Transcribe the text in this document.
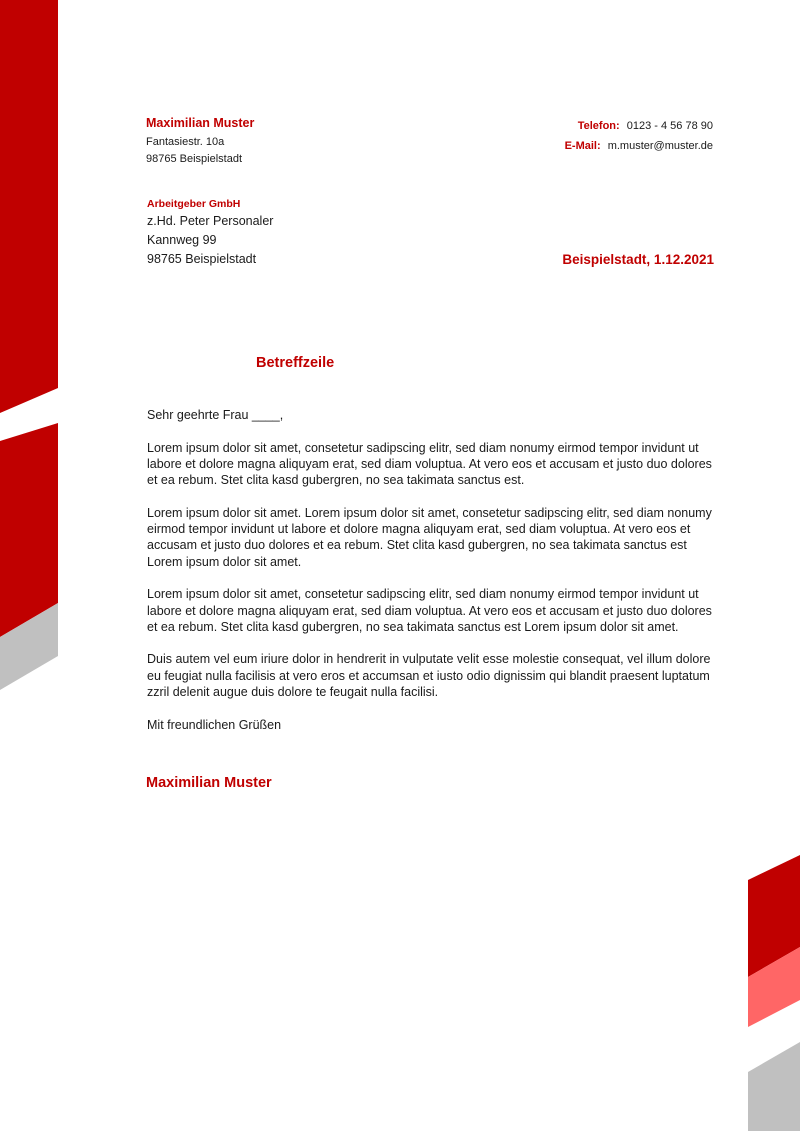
Maximilian Muster
Fantasiestr. 10a
98765 Beispielstadt
Telefon: 0123 - 4 56 78 90
E-Mail: m.muster@muster.de
Arbeitgeber GmbH
z.Hd. Peter Personaler
Kannweg 99
98765 Beispielstadt	Beispielstadt, 1.12.2021
Betreffzeile

Sehr geehrte Frau ____,

Lorem ipsum dolor sit amet, consetetur sadipscing elitr, sed diam nonumy eirmod tempor invidunt ut labore et dolore magna aliquyam erat, sed diam voluptua. At vero eos et accusam et justo duo dolores et ea rebum. Stet clita kasd gubergren, no sea takimata sanctus est.

Lorem ipsum dolor sit amet. Lorem ipsum dolor sit amet, consetetur sadipscing elitr, sed diam nonumy eirmod tempor invidunt ut labore et dolore magna aliquyam erat, sed diam voluptua. At vero eos et accusam et justo duo dolores et ea rebum. Stet clita kasd gubergren, no sea takimata sanctus est Lorem ipsum dolor sit amet.

Lorem ipsum dolor sit amet, consetetur sadipscing elitr, sed diam nonumy eirmod tempor invidunt ut labore et dolore magna aliquyam erat, sed diam voluptua. At vero eos et accusam et justo duo dolores et ea rebum. Stet clita kasd gubergren, no sea takimata sanctus est Lorem ipsum dolor sit amet.

Duis autem vel eum iriure dolor in hendrerit in vulputate velit esse molestie consequat, vel illum dolore eu feugiat nulla facilisis at vero eros et accumsan et iusto odio dignissim qui blandit praesent luptatum zzril delenit augue duis dolore te feugait nulla facilisi.

Mit freundlichen Grüßen

Maximilian Muster
